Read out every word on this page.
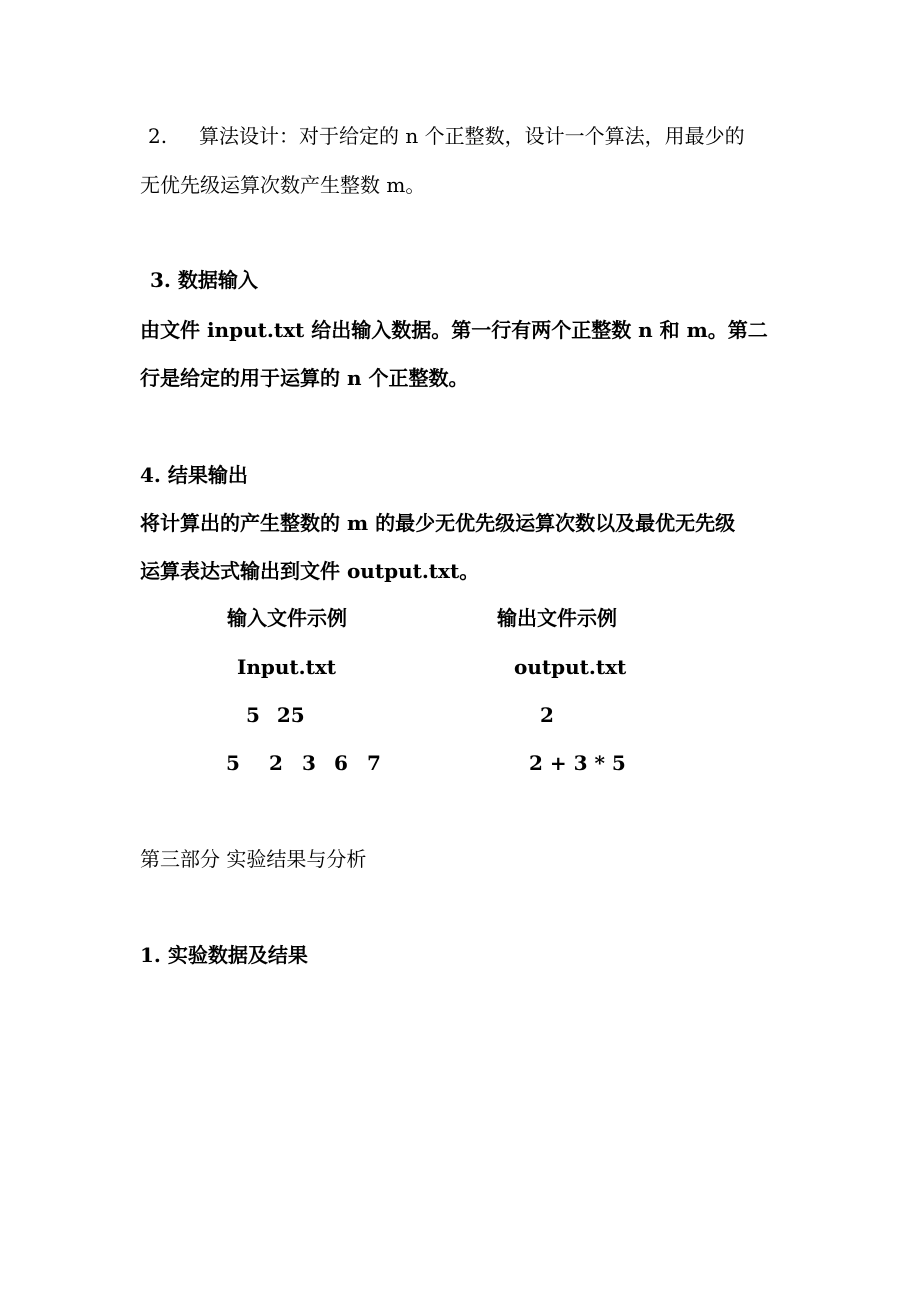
2. 算法设计：对于给定的 n 个正整数，设计一个算法，用最少的
无优先级运算次数产生整数 m。
3. 数据输入
由文件 input.txt 给出输入数据。第一行有两个正整数 n 和 m。第二
行是给定的用于运算的 n 个正整数。
4. 结果输出
将计算出的产生整数的 m 的最少无优先级运算次数以及最优无先级
运算表达式输出到文件 output.txt。
输入文件示例	输出文件示例
Input.txt	output.txt
5 25	2
5 2 3 6 7	2 + 3 * 5
第三部分 实验结果与分析
1. 实验数据及结果
